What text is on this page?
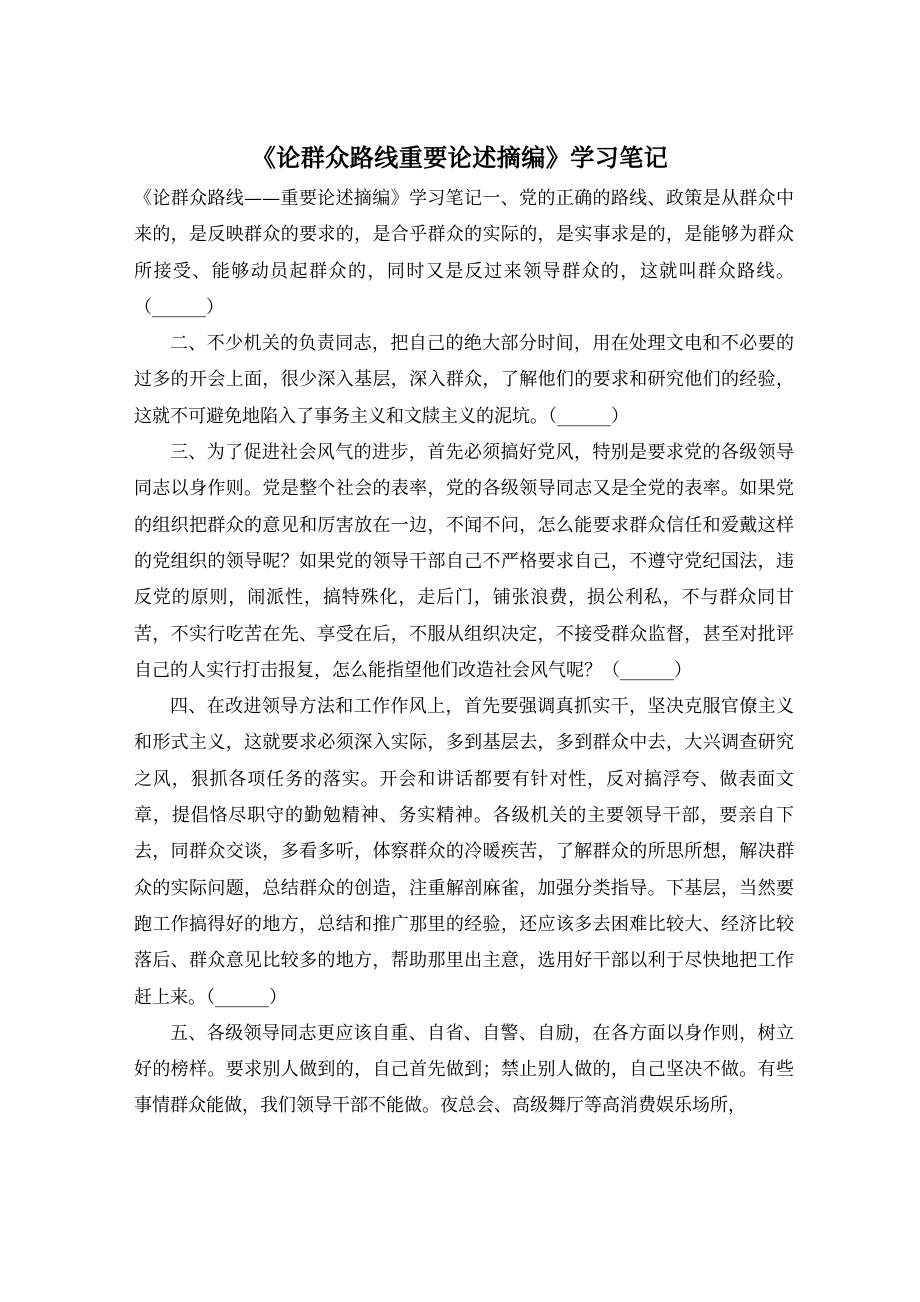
《论群众路线重要论述摘编》学习笔记

《论群众路线——重要论述摘编》学习笔记一、党的正确的路线、政策是从群众中来的，是反映群众的要求的，是合乎群众的实际的，是实事求是的，是能够为群众所接受、能够动员起群众的，同时又是反过来领导群众的，这就叫群众路线。（______）

二、不少机关的负责同志，把自己的绝大部分时间，用在处理文电和不必要的过多的开会上面，很少深入基层，深入群众，了解他们的要求和研究他们的经验，这就不可避免地陷入了事务主义和文牍主义的泥坑。（______）

三、为了促进社会风气的进步，首先必须搞好党风，特别是要求党的各级领导同志以身作则。党是整个社会的表率，党的各级领导同志又是全党的表率。如果党的组织把群众的意见和厉害放在一边，不闻不问，怎么能要求群众信任和爱戴这样的党组织的领导呢？如果党的领导干部自己不严格要求自己，不遵守党纪国法，违反党的原则，闹派性，搞特殊化，走后门，铺张浪费，损公利私，不与群众同甘苦，不实行吃苦在先、享受在后，不服从组织决定，不接受群众监督，甚至对批评自己的人实行打击报复，怎么能指望他们改造社会风气呢？（______）

四、在改进领导方法和工作作风上，首先要强调真抓实干，坚决克服官僚主义和形式主义，这就要求必须深入实际，多到基层去，多到群众中去，大兴调查研究之风，狠抓各项任务的落实。开会和讲话都要有针对性，反对搞浮夸、做表面文章，提倡恪尽职守的勤勉精神、务实精神。各级机关的主要领导干部，要亲自下去，同群众交谈，多看多听，体察群众的冷暖疾苦，了解群众的所思所想，解决群众的实际问题，总结群众的创造，注重解剖麻雀，加强分类指导。下基层，当然要跑工作搞得好的地方，总结和推广那里的经验，还应该多去困难比较大、经济比较落后、群众意见比较多的地方，帮助那里出主意，选用好干部以利于尽快地把工作赶上来。（______）

五、各级领导同志更应该自重、自省、自警、自励，在各方面以身作则，树立好的榜样。要求别人做到的，自己首先做到；禁止别人做的，自己坚决不做。有些事情群众能做，我们领导干部不能做。夜总会、高级舞厅等高消费娱乐场所，
